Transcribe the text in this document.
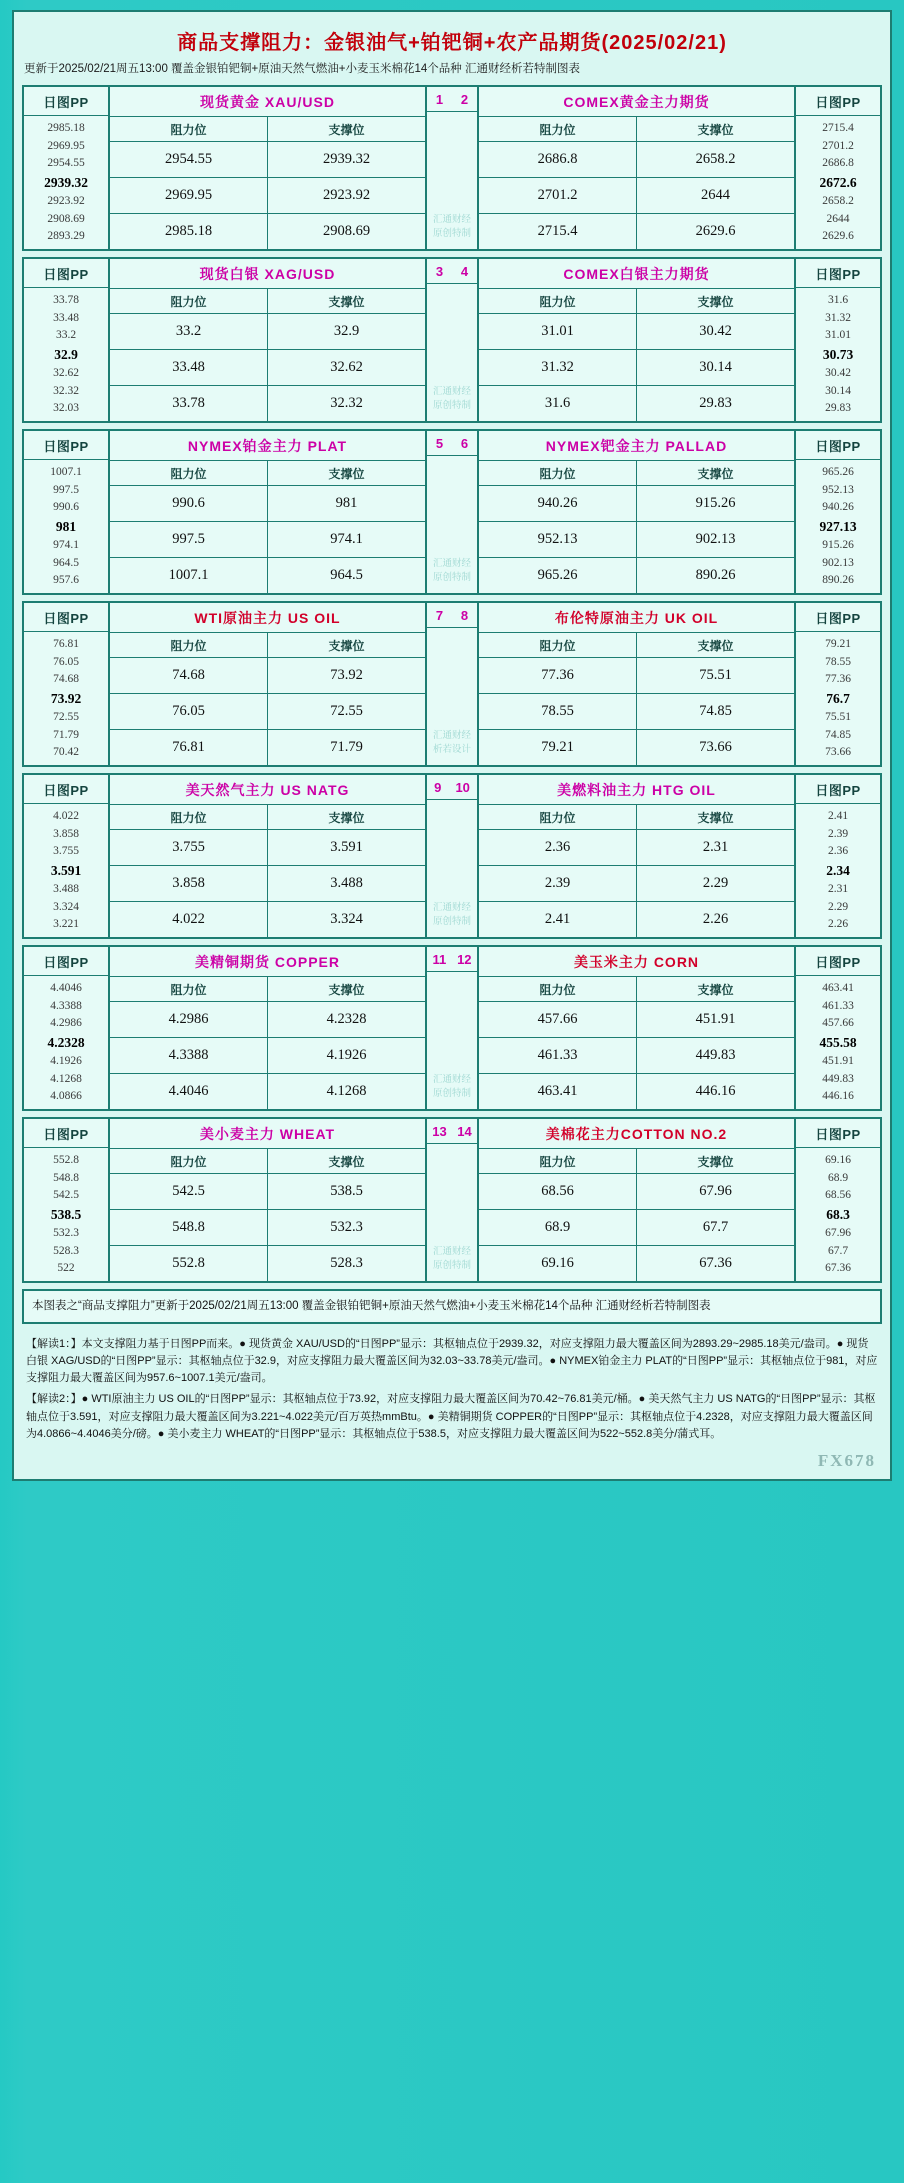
商品支撑阻力：金银油气+铂钯铜+农产品期货(2025/02/21)
更新于2025/02/21周五13:00 覆盖金银铂钯铜+原油天然气燃油+小麦玉米棉花14个品种 汇通财经析若特制图表
日图PP
2985.18
2969.95
2954.55
2939.32
2923.92
2908.69
2893.29
现货黄金 XAU/USD
阻力位	支撑位
2954.55	2939.32
2969.95	2923.92
2985.18	2908.69
1 2
汇通财经
原创特制
COMEX黄金主力期货
阻力位	支撑位
2686.8	2658.2
2701.2	2644
2715.4	2629.6
日图PP
2715.4
2701.2
2686.8
2672.6
2658.2
2644
2629.6
日图PP
33.78
33.48
33.2
32.9
32.62
32.32
32.03
现货白银 XAG/USD
阻力位	支撑位
33.2	32.9
33.48	32.62
33.78	32.32
3 4
汇通财经
原创特制
COMEX白银主力期货
阻力位	支撑位
31.01	30.42
31.32	30.14
31.6	29.83
日图PP
31.6
31.32
31.01
30.73
30.42
30.14
29.83
日图PP
1007.1
997.5
990.6
981
974.1
964.5
957.6
NYMEX铂金主力 PLAT
阻力位	支撑位
990.6	981
997.5	974.1
1007.1	964.5
5 6
汇通财经
原创特制
NYMEX钯金主力 PALLAD
阻力位	支撑位
940.26	915.26
952.13	902.13
965.26	890.26
日图PP
965.26
952.13
940.26
927.13
915.26
902.13
890.26
日图PP
76.81
76.05
74.68
73.92
72.55
71.79
70.42
WTI原油主力 US OIL
阻力位	支撑位
74.68	73.92
76.05	72.55
76.81	71.79
7 8
汇通财经
析若设计
布伦特原油主力 UK OIL
阻力位	支撑位
77.36	75.51
78.55	74.85
79.21	73.66
日图PP
79.21
78.55
77.36
76.7
75.51
74.85
73.66
日图PP
4.022
3.858
3.755
3.591
3.488
3.324
3.221
美天然气主力 US NATG
阻力位	支撑位
3.755	3.591
3.858	3.488
4.022	3.324
9 10
汇通财经
原创特制
美燃料油主力 HTG OIL
阻力位	支撑位
2.36	2.31
2.39	2.29
2.41	2.26
日图PP
2.41
2.39
2.36
2.34
2.31
2.29
2.26
日图PP
4.4046
4.3388
4.2986
4.2328
4.1926
4.1268
4.0866
美精铜期货 COPPER
阻力位	支撑位
4.2986	4.2328
4.3388	4.1926
4.4046	4.1268
11 12
汇通财经
原创特制
美玉米主力 CORN
阻力位	支撑位
457.66	451.91
461.33	449.83
463.41	446.16
日图PP
463.41
461.33
457.66
455.58
451.91
449.83
446.16
日图PP
552.8
548.8
542.5
538.5
532.3
528.3
522
美小麦主力 WHEAT
阻力位	支撑位
542.5	538.5
548.8	532.3
552.8	528.3
13 14
汇通财经
原创特制
美棉花主力COTTON NO.2
阻力位	支撑位
68.56	67.96
68.9	67.7
69.16	67.36
日图PP
69.16
68.9
68.56
68.3
67.96
67.7
67.36
本图表之“商品支撑阻力”更新于2025/02/21周五13:00 覆盖金银铂钯铜+原油天然气燃油+小麦玉米棉花14个品种 汇通财经析若特制图表

【解读1：】本文支撑阻力基于日图PP而来。● 现货黄金 XAU/USD的“日图PP”显示：其枢轴点位于2939.32，对应支撑阻力最大覆盖区间为2893.29~2985.18美元/盎司。● 现货白银 XAG/USD的“日图PP”显示：其枢轴点位于32.9，对应支撑阻力最大覆盖区间为32.03~33.78美元/盎司。● NYMEX铂金主力 PLAT的“日图PP”显示：其枢轴点位于981，对应支撑阻力最大覆盖区间为957.6~1007.1美元/盎司。

【解读2：】● WTI原油主力 US OIL的“日图PP”显示：其枢轴点位于73.92，对应支撑阻力最大覆盖区间为70.42~76.81美元/桶。● 美天然气主力 US NATG的“日图PP”显示：其枢轴点位于3.591，对应支撑阻力最大覆盖区间为3.221~4.022美元/百万英热mmBtu。● 美精铜期货 COPPER的“日图PP”显示：其枢轴点位于4.2328，对应支撑阻力最大覆盖区间为4.0866~4.4046美分/磅。● 美小麦主力 WHEAT的“日图PP”显示：其枢轴点位于538.5，对应支撑阻力最大覆盖区间为522~552.8美分/蒲式耳。

FX678
